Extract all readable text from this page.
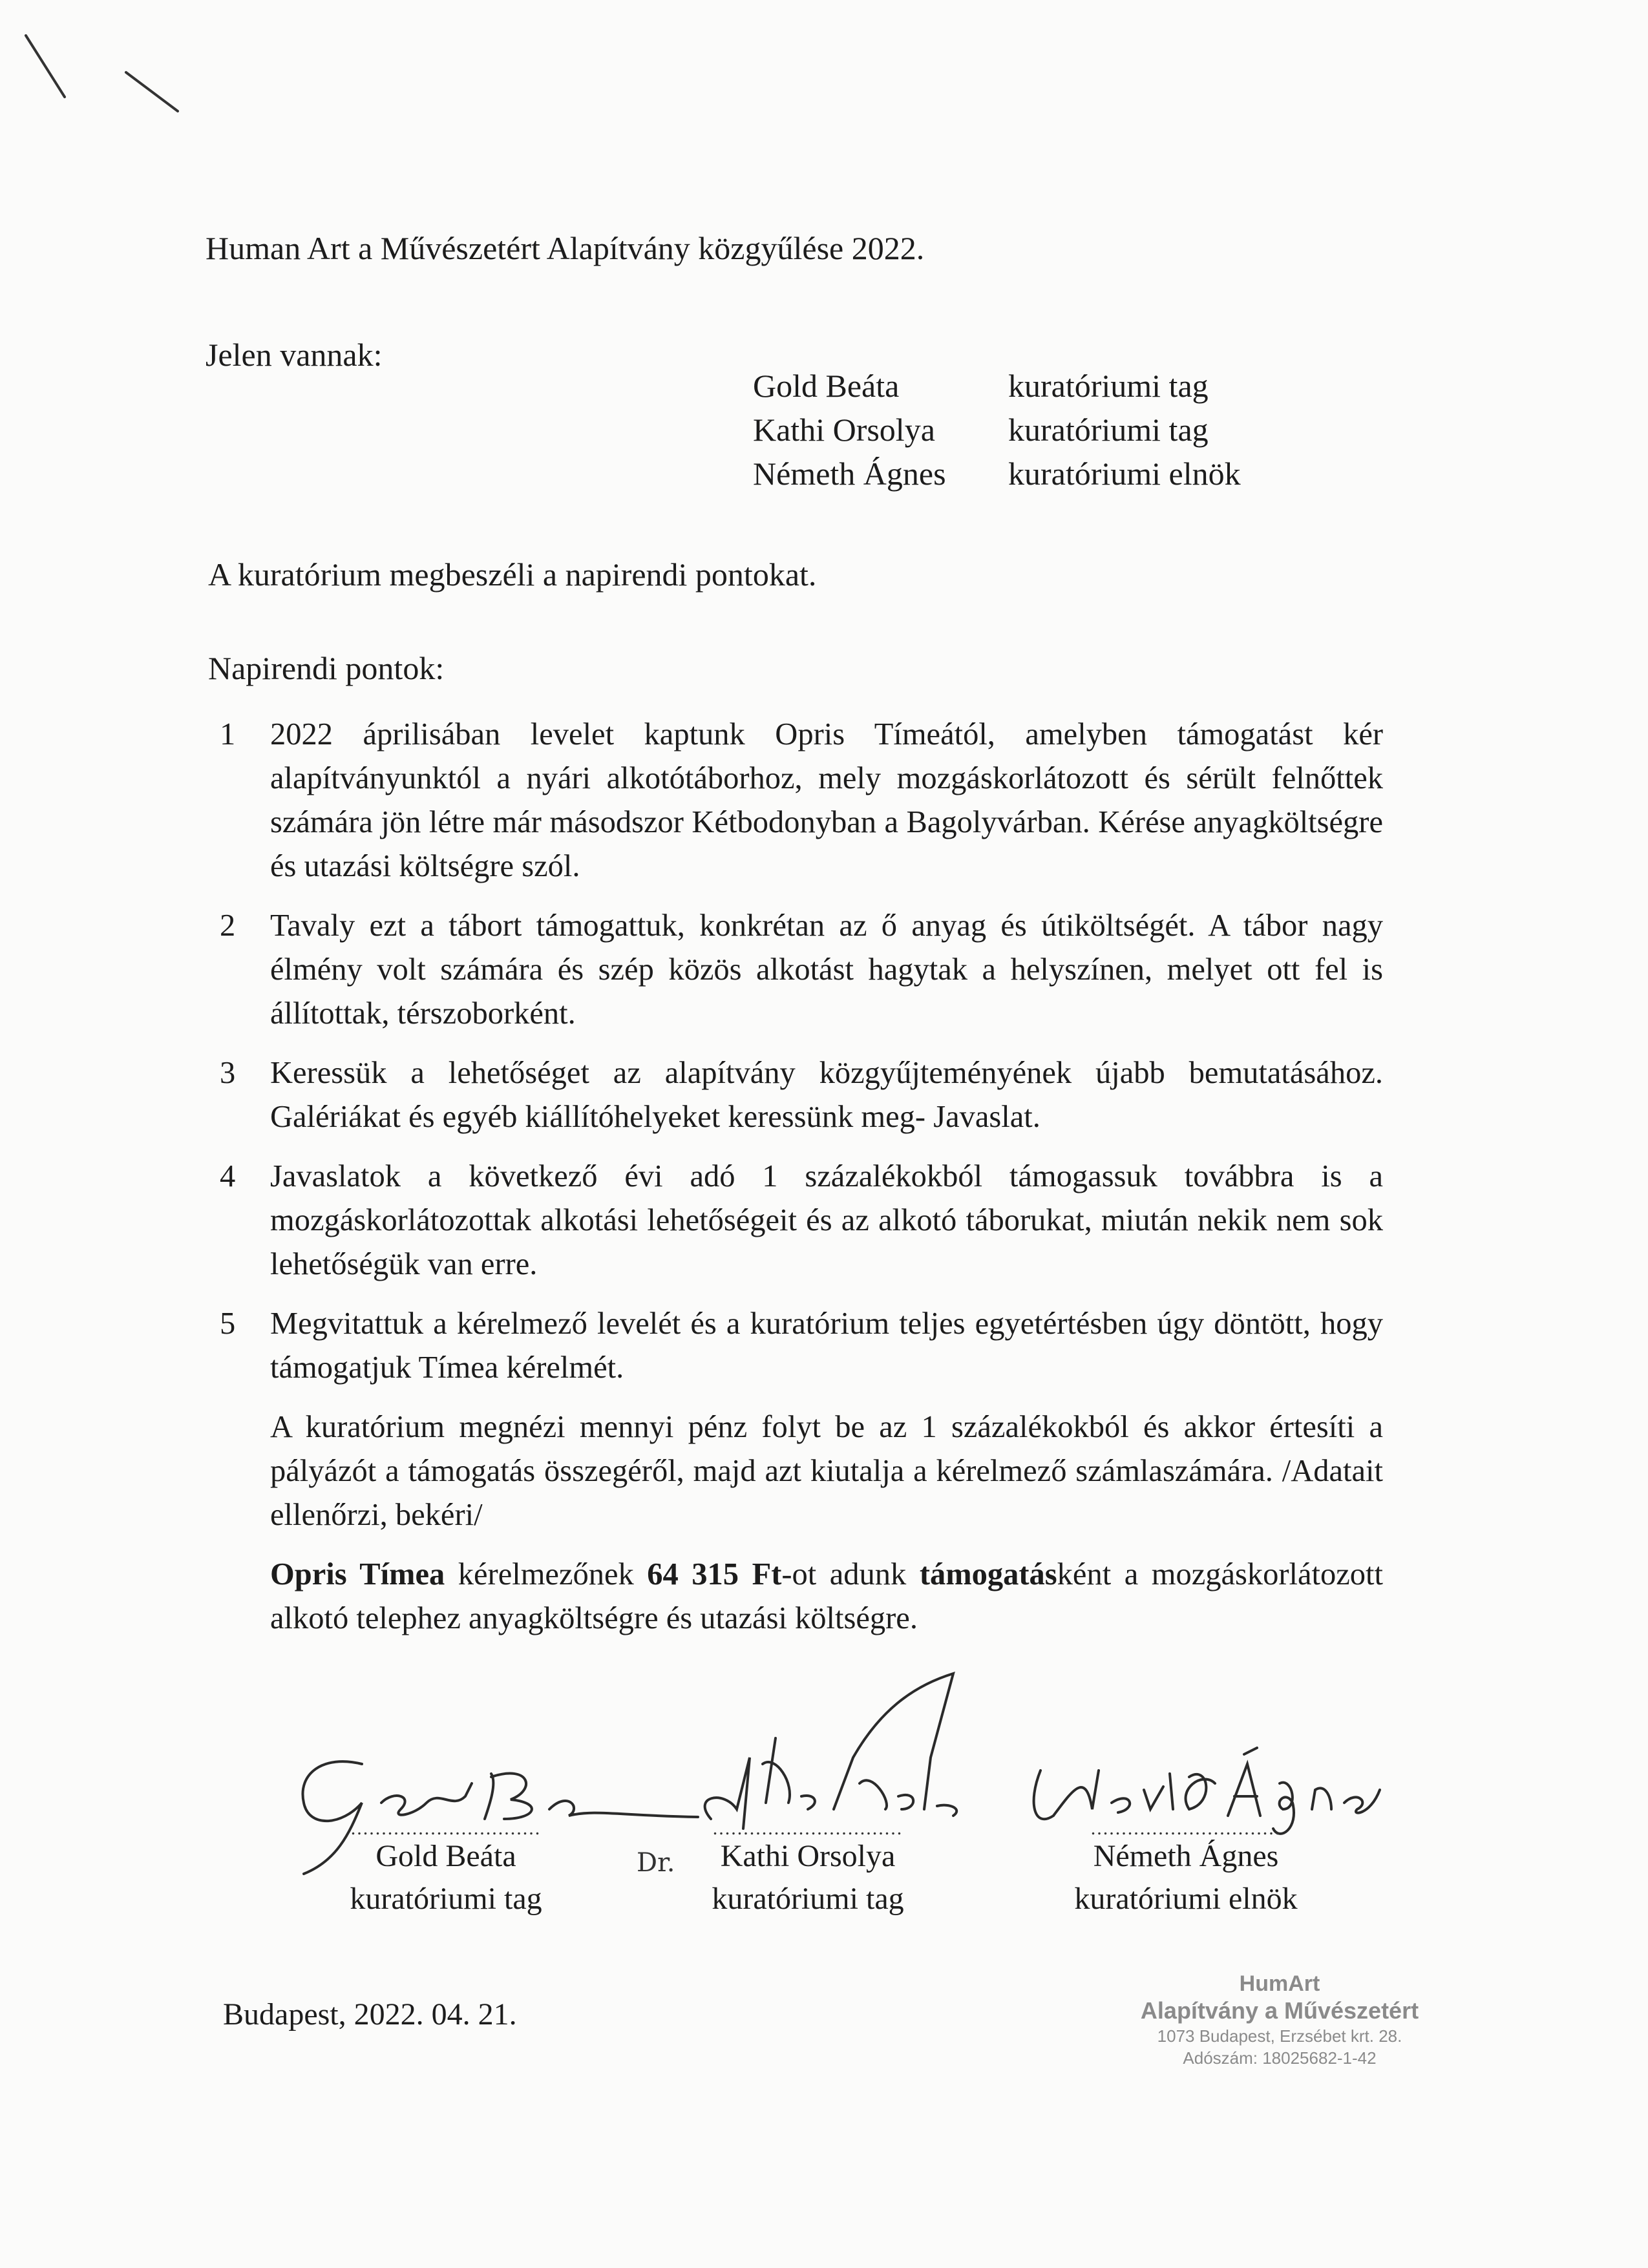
Human Art a Művészetért Alapítvány közgyűlése 2022.
Jelen vannak:
Gold Beáta	kuratóriumi tag
Kathi Orsolya	kuratóriumi tag
Németh Ágnes	kuratóriumi elnök
A kuratórium megbeszéli a napirendi pontokat.
Napirendi pontok:
1	2022 áprilisában levelet kaptunk Opris Tímeától, amelyben támogatást kér alapítványunktól a nyári alkotótáborhoz, mely mozgáskorlátozott és sérült felnőttek számára jön létre már másodszor Kétbodonyban a Bagolyvárban. Kérése anyagköltségre és utazási költségre szól.
2	Tavaly ezt a tábort támogattuk, konkrétan az ő anyag és útiköltségét. A tábor nagy élmény volt számára és szép közös alkotást hagytak a helyszínen, melyet ott fel is állítottak, térszoborként.
3	Keressük a lehetőséget az alapítvány közgyűjteményének újabb bemutatásához. Galériákat és egyéb kiállítóhelyeket keressünk meg- Javaslat.
4	Javaslatok a következő évi adó 1 százalékokból támogassuk továbbra is a mozgáskorlátozottak alkotási lehetőségeit és az alkotó táborukat, miután nekik nem sok lehetőségük van erre.
5	Megvitattuk a kérelmező levelét és a kuratórium teljes egyetértésben úgy döntött, hogy támogatjuk Tímea kérelmét.
A kuratórium megnézi mennyi pénz folyt be az 1 százalékokból és akkor értesíti a pályázót a támogatás összegéről, majd azt kiutalja a kérelmező számlaszámára. /Adatait ellenőrzi, bekéri/
Opris Tímea kérelmezőnek 64 315 Ft-ot adunk támogatásként a mozgáskorlátozott alkotó telephez anyagköltségre és utazási költségre.
...............................
Gold Beáta
kuratóriumi tag
...............................
Kathi Orsolya
kuratóriumi tag
Dr.
...............................
Németh Ágnes
kuratóriumi elnök
Budapest, 2022. 04. 21.
HumArt
Alapítvány a Művészetért
1073 Budapest, Erzsébet krt. 28.
Adószám: 18025682-1-42
